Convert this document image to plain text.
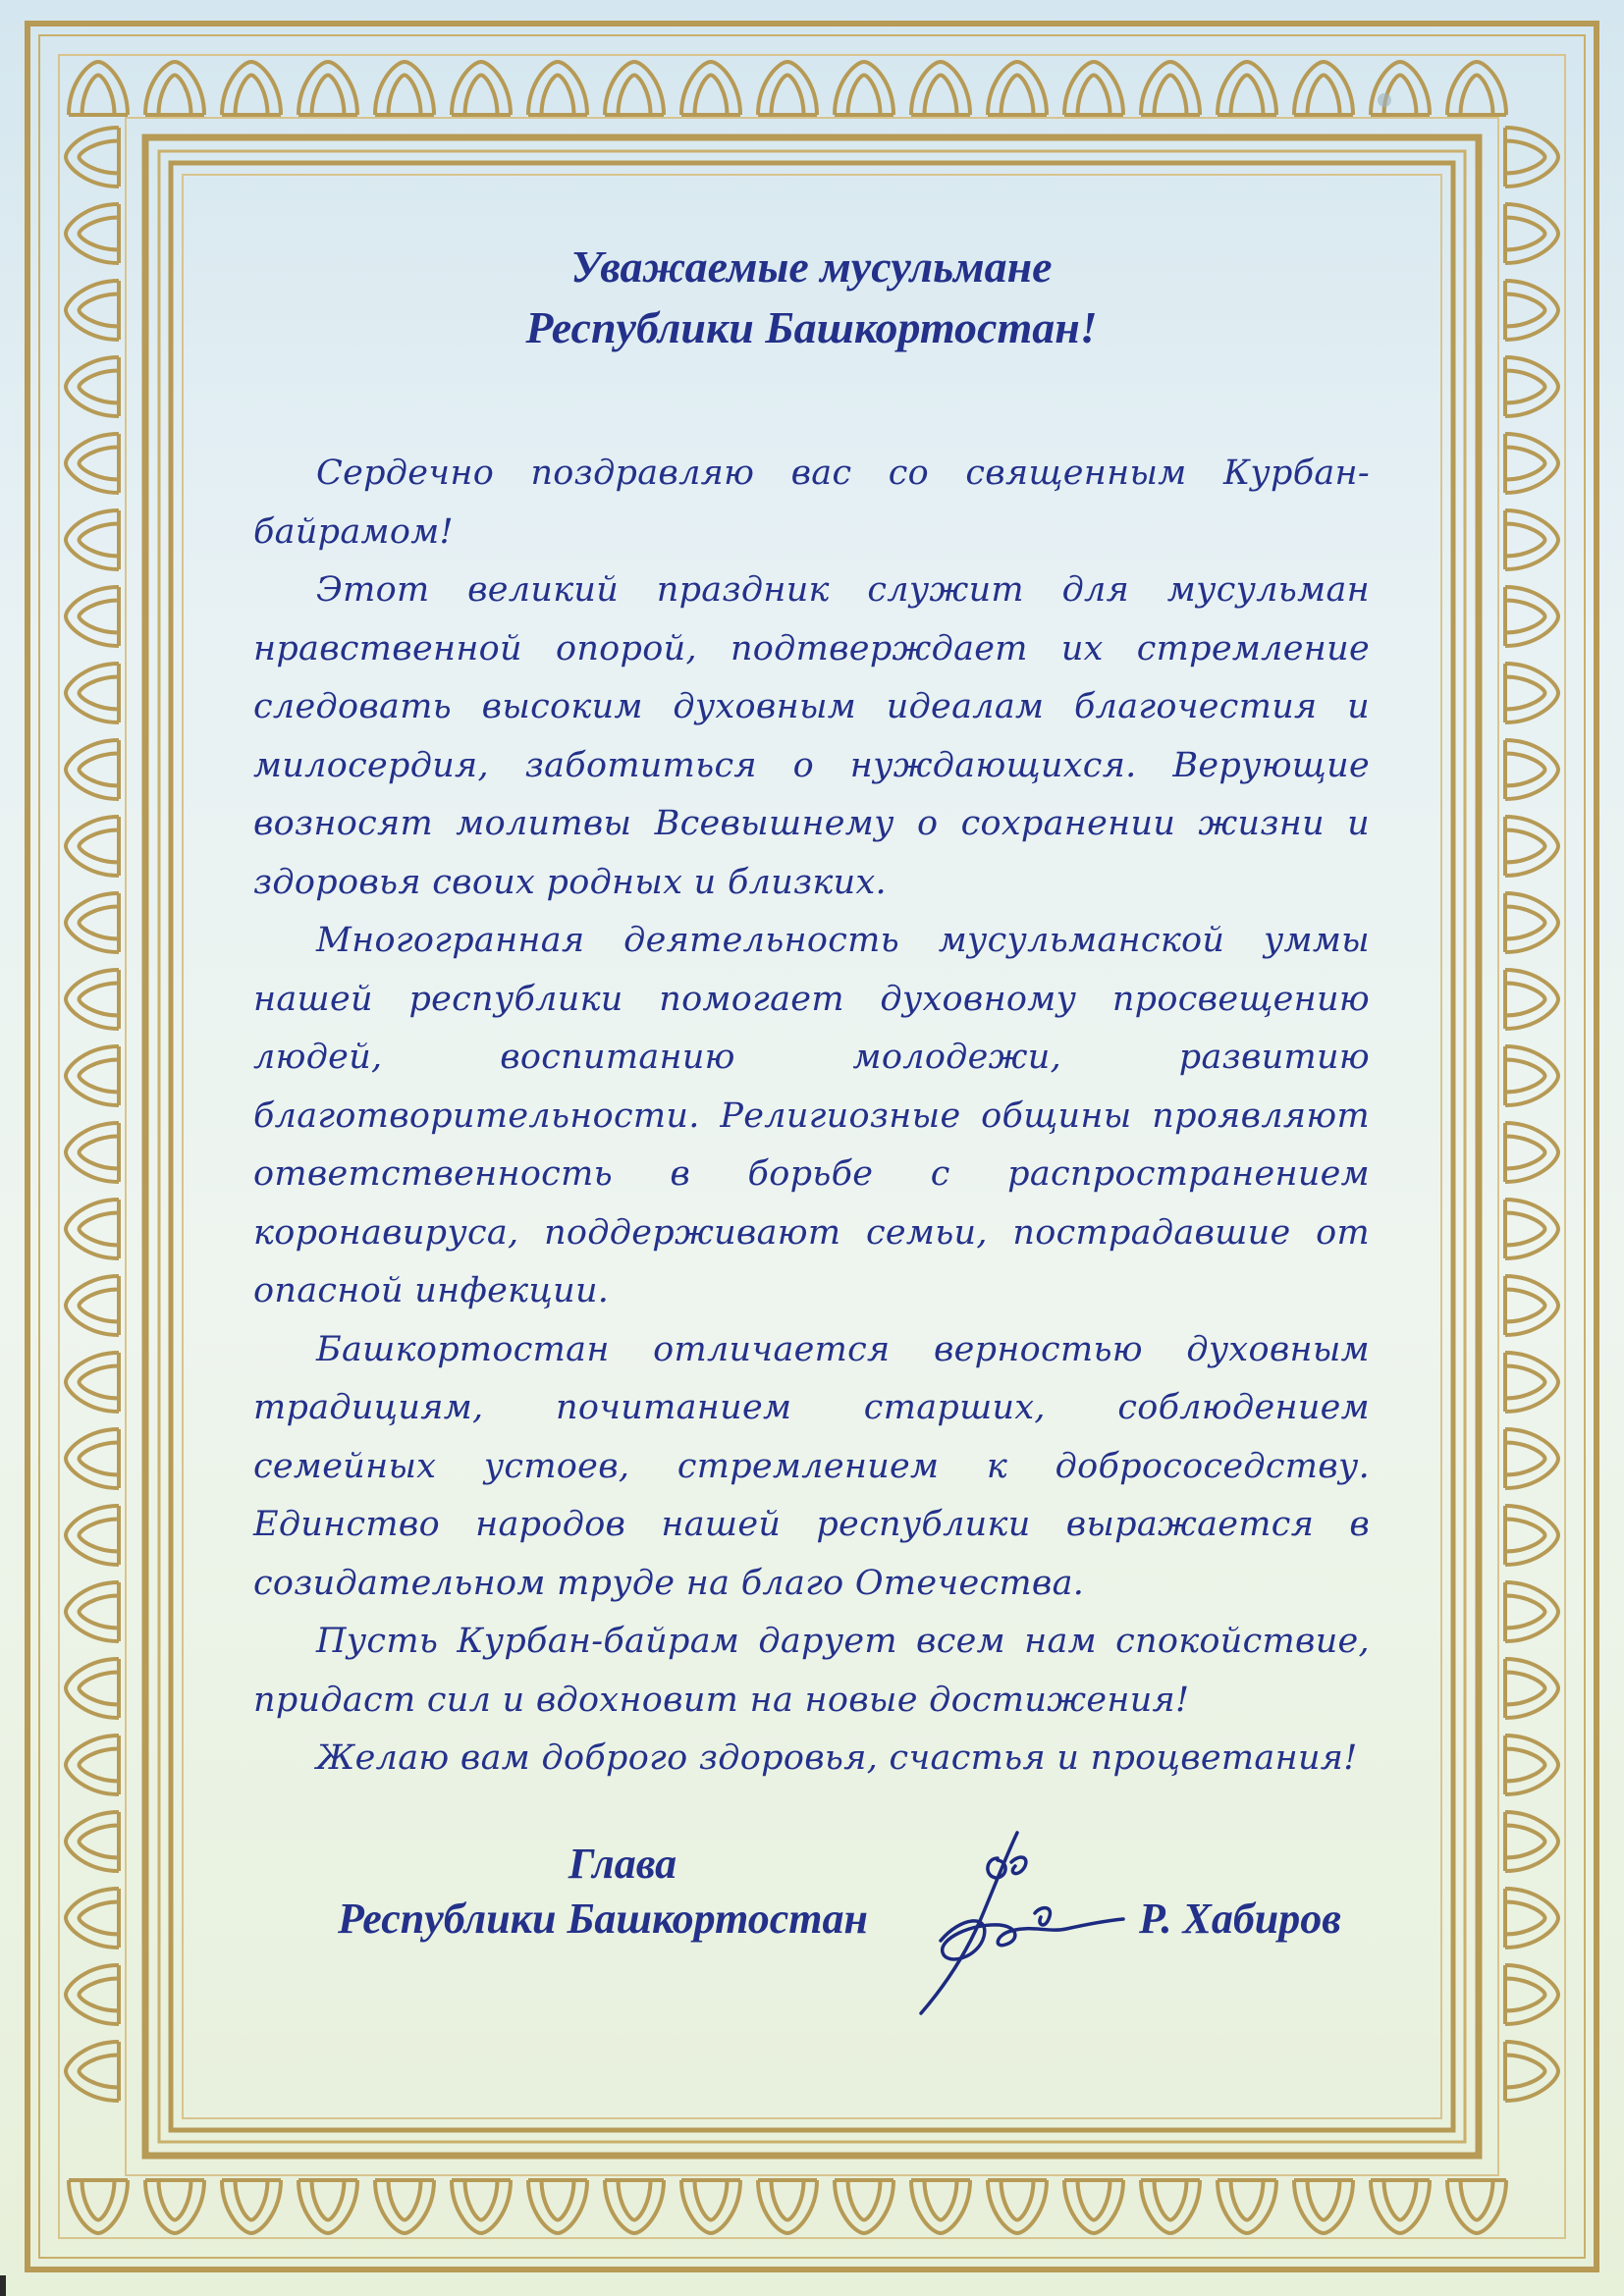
Уважаемые мусульмане

Республики Башкортостан!

Сердечно поздравляю вас со священным Курбан-байрамом!

Этот великий праздник служит для мусульман нравственной опорой, подтверждает их стремление следовать высоким духовным идеалам благочестия и милосердия, заботиться о нуждающихся. Верующие возносят молитвы Всевышнему о сохранении жизни и здоровья своих родных и близких.

Многогранная деятельность мусульманской уммы нашей республики помогает духовному просвещению людей, воспитанию молодежи, развитию благотворительности. Религиозные общины проявляют ответственность в борьбе с распространением коронавируса, поддерживают семьи, пострадавшие от опасной инфекции.

Башкортостан отличается верностью духовным традициям, почитанием старших, соблюдением семейных устоев, стремлением к добрососедству. Единство народов нашей республики выражается в созидательном труде на благо Отечества.

Пусть Курбан-байрам дарует всем нам спокойствие, придаст сил и вдохновит на новые достижения!

Желаю вам доброго здоровья, счастья и процветания!

Глава

Республики Башкортостан	Р. Хабиров
